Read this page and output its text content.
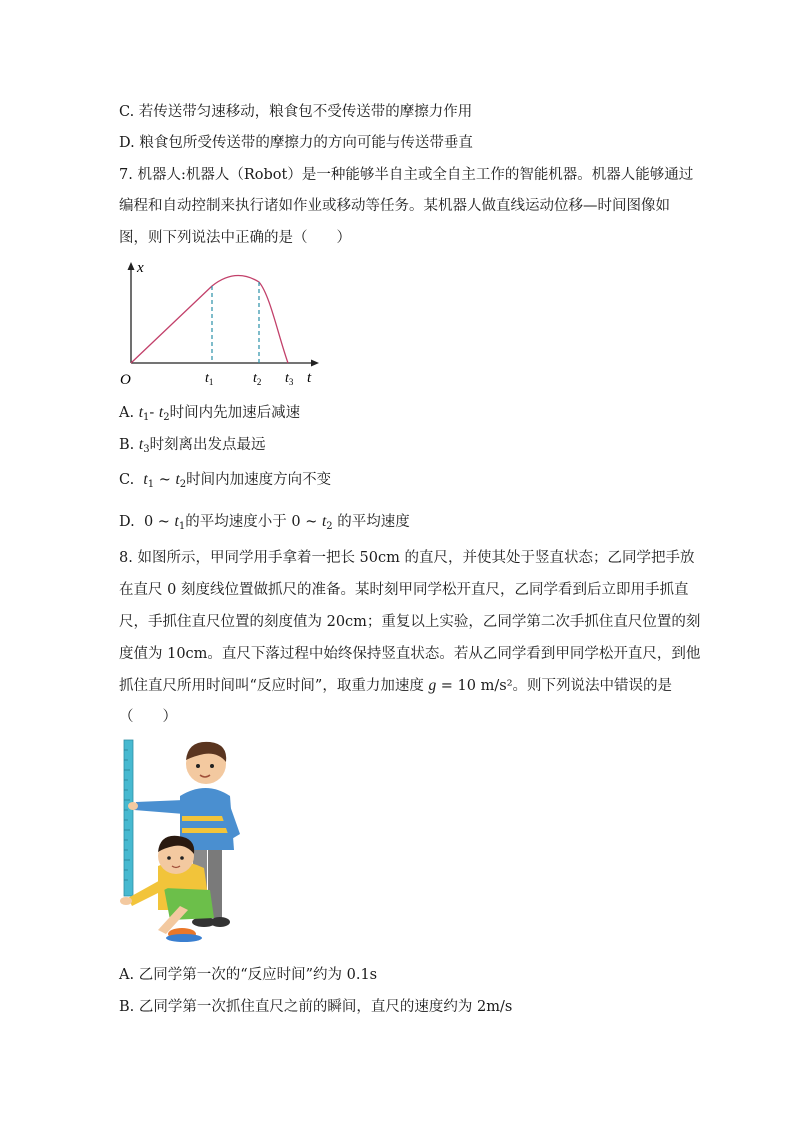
C. 若传送带匀速移动，粮食包不受传送带的摩擦力作用
D. 粮食包所受传送带的摩擦力的方向可能与传送带垂直
7. 机器人:机器人（Robot）是一种能够半自主或全自主工作的智能机器。机器人能够通过
编程和自动控制来执行诸如作业或移动等任务。某机器人做直线运动位移—时间图像如
图，则下列说法中正确的是（　　）
x
t
O	$t_1$	$t_2$ $t_3$
A. $t_1-$ $t_2$时间内先加速后减速
B. $t_3$时刻离出发点最远
C. $t_1$ ~ $t_2$时间内加速度方向不变
D. 0 ~ $t_1$的平均速度小于 0 ~ $t_2$ 的平均速度
8. 如图所示，甲同学用手拿着一把长 50cm 的直尺，并使其处于竖直状态；乙同学把手放
在直尺 0 刻度线位置做抓尺的准备。某时刻甲同学松开直尺，乙同学看到后立即用手抓直
尺，手抓住直尺位置的刻度值为 20cm；重复以上实验，乙同学第二次手抓住直尺位置的刻
度值为 10cm。直尺下落过程中始终保持竖直状态。若从乙同学看到甲同学松开直尺，到他
抓住直尺所用时间叫“反应时间”，取重力加速度 g = 10 m/s²。则下列说法中错误的是
（　　）
A. 乙同学第一次的“反应时间”约为 0.1s
B. 乙同学第一次抓住直尺之前的瞬间，直尺的速度约为 2m/s
